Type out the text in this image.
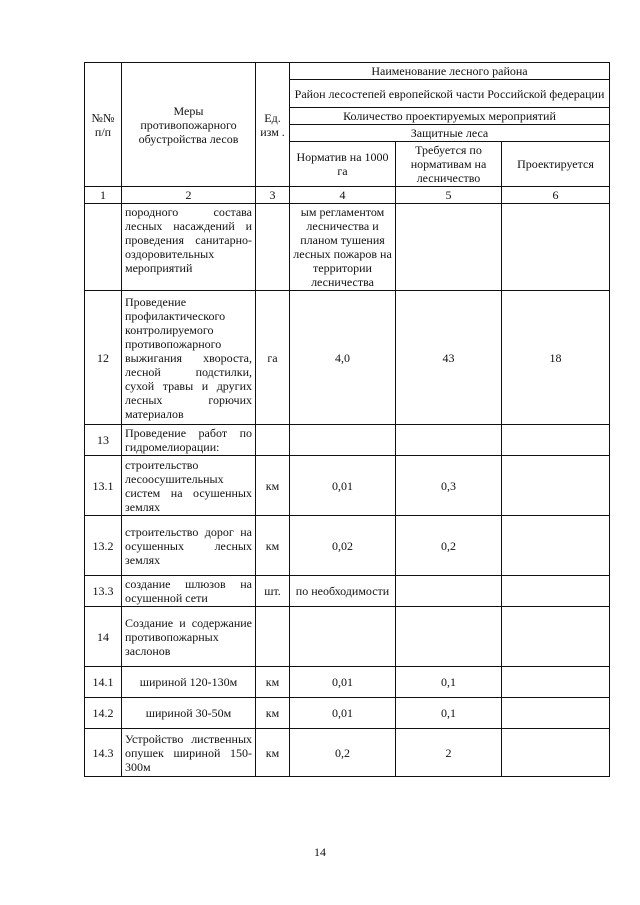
№№ п/п	Меры противопожарного обустройства лесов	Ед. изм .	Наименование лесного района		
			Район лесостепей европейской части Российской федерации		
			Количество проектируемых мероприятий		
			Защитные леса		
			Норматив на 1000 га	Требуется по нормативам на лесничество	Проектируется

1	2	3	4	5	6
	породного состава лесных насаждений и проведения санитарно-оздоровительных мероприятий		ым регламентом лесничества и планом тушения лесных пожаров на территории лесничества		
12	Проведение профилактического контролируемого противопожарного выжигания хвороста, лесной подстилки, сухой травы и других лесных горючих материалов	га	4,0	43	18
13	Проведение работ по гидромелиорации:				
13.1	строительство лесоосушительных систем на осушенных землях	км	0,01	0,3	
13.2	строительство дорог на осушенных лесных землях	км	0,02	0,2	
13.3	создание шлюзов на осушенной сети	шт.	по необходимости		
14	Создание и содержание противопожарных заслонов				
14.1	шириной 120-130м	км	0,01	0,1	
14.2	шириной 30-50м	км	0,01	0,1	
14.3	Устройство лиственных опушек шириной 150-300м	км	0,2	2	
14
